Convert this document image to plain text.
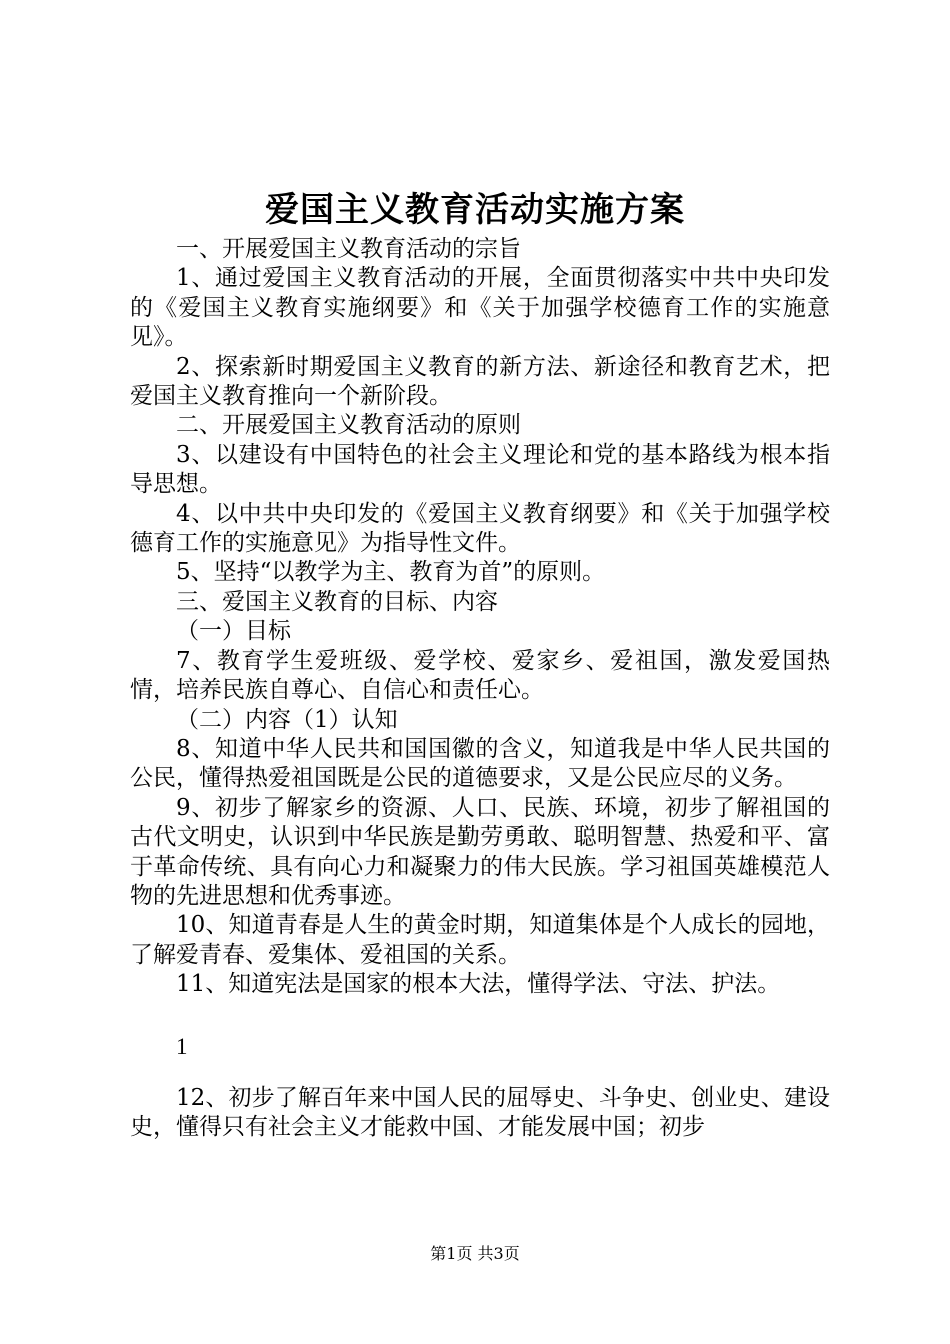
爱国主义教育活动实施方案

一、开展爱国主义教育活动的宗旨

1、通过爱国主义教育活动的开展，全面贯彻落实中共中央印发的《爱国主义教育实施纲要》和《关于加强学校德育工作的实施意见》。

2、探索新时期爱国主义教育的新方法、新途径和教育艺术，把爱国主义教育推向一个新阶段。

二、开展爱国主义教育活动的原则

3、以建设有中国特色的社会主义理论和党的基本路线为根本指导思想。

4、以中共中央印发的《爱国主义教育纲要》和《关于加强学校德育工作的实施意见》为指导性文件。

5、坚持“以教学为主、教育为首”的原则。

三、爱国主义教育的目标、内容

（一）目标

7、教育学生爱班级、爱学校、爱家乡、爱祖国，激发爱国热情，培养民族自尊心、自信心和责任心。

（二）内容（1）认知

8、知道中华人民共和国国徽的含义，知道我是中华人民共国的公民，懂得热爱祖国既是公民的道德要求，又是公民应尽的义务。

9、初步了解家乡的资源、人口、民族、环境，初步了解祖国的古代文明史，认识到中华民族是勤劳勇敢、聪明智慧、热爱和平、富于革命传统、具有向心力和凝聚力的伟大民族。学习祖国英雄模范人物的先进思想和优秀事迹。

10、知道青春是人生的黄金时期，知道集体是个人成长的园地，了解爱青春、爱集体、爱祖国的关系。

11、知道宪法是国家的根本大法，懂得学法、守法、护法。

1

12、初步了解百年来中国人民的屈辱史、斗争史、创业史、建设史，懂得只有社会主义才能救中国、才能发展中国；初步

第1页 共3页
